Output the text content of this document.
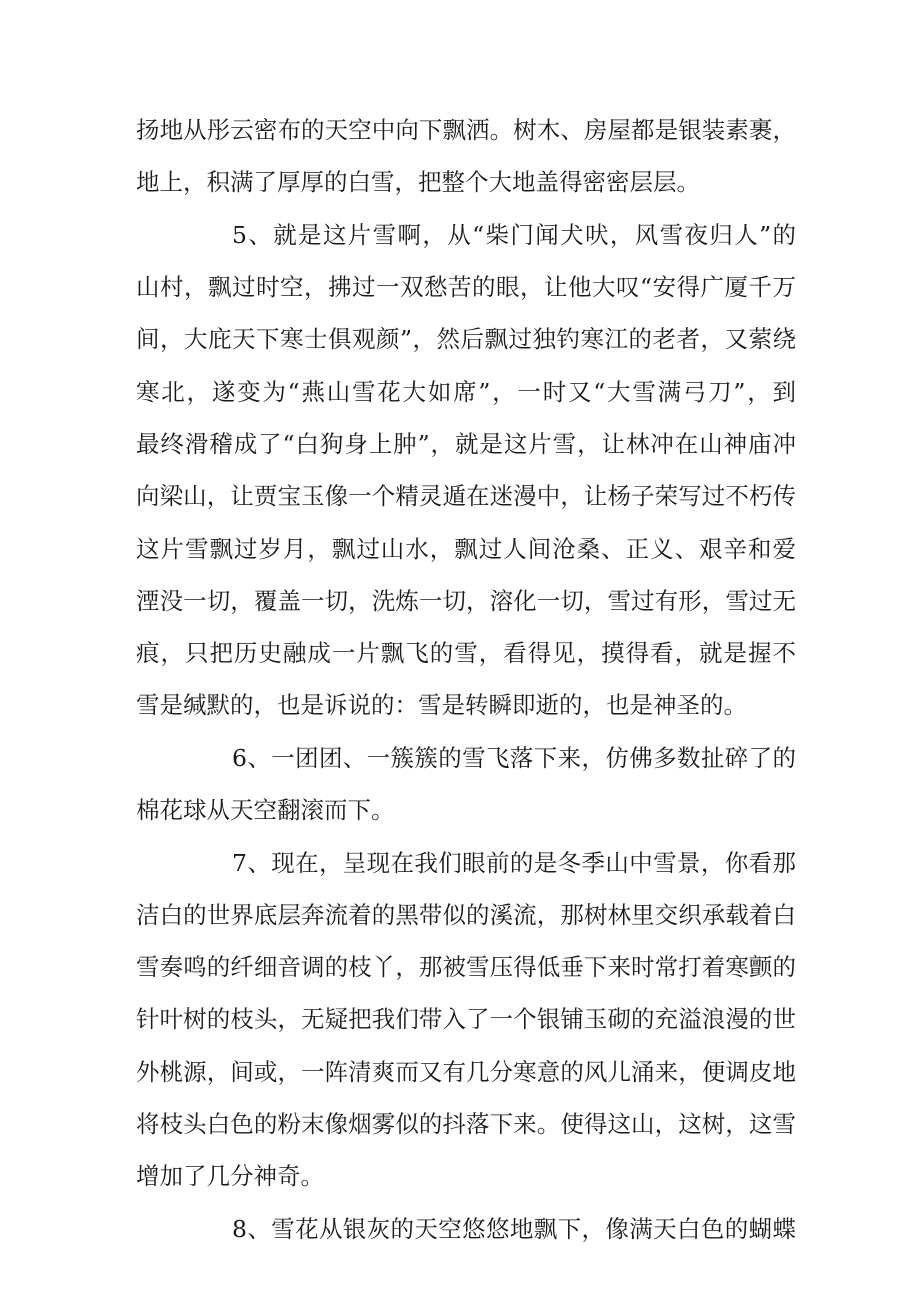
扬地从彤云密布的天空中向下飘洒。树木、房屋都是银装素裹，

地上，积满了厚厚的白雪，把整个大地盖得密密层层。

5、就是这片雪啊，从“柴门闻犬吠，风雪夜归人”的

山村，飘过时空，拂过一双愁苦的眼，让他大叹“安得广厦千万

间，大庇天下寒士俱观颜”，然后飘过独钓寒江的老者，又萦绕

寒北，遂变为“燕山雪花大如席”，一时又“大雪满弓刀”，到

最终滑稽成了“白狗身上肿”，就是这片雪，让林冲在山神庙冲

向梁山，让贾宝玉像一个精灵遁在迷漫中，让杨子荣写过不朽传

这片雪飘过岁月，飘过山水，飘过人间沧桑、正义、艰辛和爱

湮没一切，覆盖一切，洗炼一切，溶化一切，雪过有形，雪过无

痕，只把历史融成一片飘飞的雪，看得见，摸得看，就是握不

雪是缄默的，也是诉说的：雪是转瞬即逝的，也是神圣的。

6、一团团、一簇簇的雪飞落下来，仿佛多数扯碎了的

棉花球从天空翻滚而下。

7、现在，呈现在我们眼前的是冬季山中雪景，你看那

洁白的世界底层奔流着的黑带似的溪流，那树林里交织承载着白

雪奏鸣的纤细音调的枝丫，那被雪压得低垂下来时常打着寒颤的

针叶树的枝头，无疑把我们带入了一个银铺玉砌的充溢浪漫的世

外桃源，间或，一阵清爽而又有几分寒意的风儿涌来，便调皮地

将枝头白色的粉末像烟雾似的抖落下来。使得这山，这树，这雪

增加了几分神奇。

8、雪花从银灰的天空悠悠地飘下，像满天白色的蝴蝶
